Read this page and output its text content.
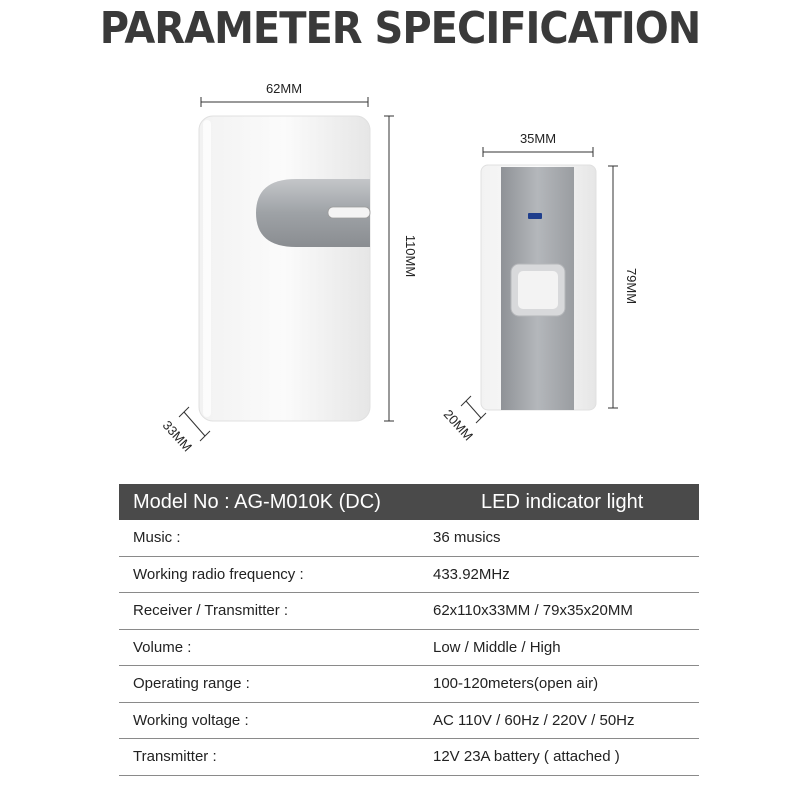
PARAMETER SPECIFICATION
62MM
110MM
33MM
35MM
79MM
20MM
Model No : AG-M010K (DC)	LED indicator light
Music :	36 musics
Working radio frequency :	433.92MHz
Receiver / Transmitter :	62x110x33MM / 79x35x20MM
Volume :	Low / Middle / High
Operating range :	100-120meters(open air)
Working voltage :	AC 110V / 60Hz / 220V / 50Hz
Transmitter :	12V 23A battery ( attached )
